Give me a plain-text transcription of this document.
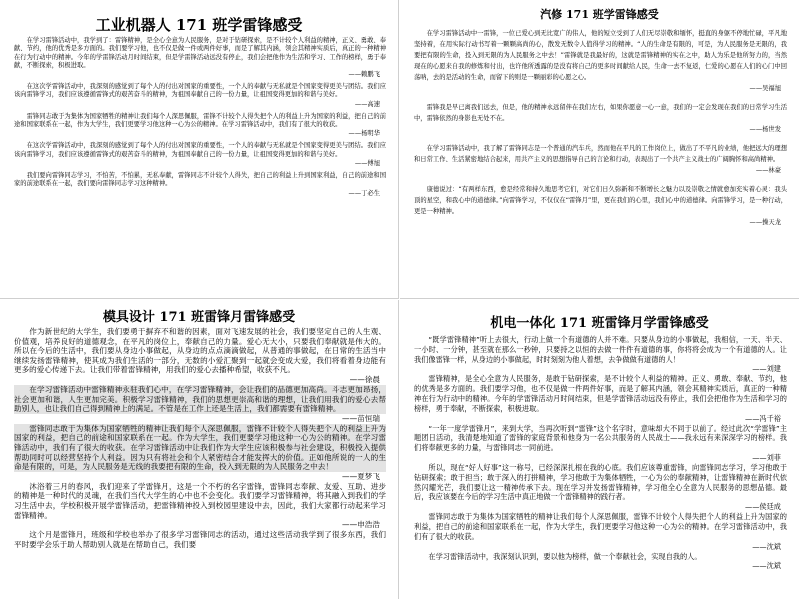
工业机器人 171 班学雷锋感受

在学习雷锋活动中，我学到了：雷锋精神，是全心全意为人民服务，是对于钻研探索，是不计较个人利益的精神，正义、勇敢、奉献、节约，他的优秀是多方面的。我们要学习他，也不仅是做一件或两件好事，而是了解其内涵，领会其精神实质后，真正的一种精神在行为行动中的精神。今年的学雷锋活动月时间结束，但是学雷锋活动远没有停止，我们会把他作为生活和学习、工作的榜样，勇于奉献，不断探索，积极进取。

——赖鹏飞

在这次学雷锋活动中，我深刻的感觉到了每个人的付出对国家的重要性，一个人的奉献与无私就是个国家变得更美与团结。我们应该向雷锋学习，我们应该遵循雷锋式的艰苦奋斗的精神，为祖国奉献自己的一份力量，让祖国变得更加的和谐与美好。

——高速

雷锋同志敢于为集体为国家牺牲的精神让我们每个人深思佩服，雷锋不计较个人得失把个人的利益上升为国家的利益，把自己的前途和国家联系在一起，作为大学生，我们更要学习他这种一心为公的精神。在学习雷锋活动中，我们有了很大的收获。

——杨明华

在这次学雷锋活动中，我深刻的感觉到了每个人的付出对国家的重要性，一个人的奉献与无私就是个国家变得更美与团结。我们应该向雷锋学习，我们应该遵循雷锋式的艰苦奋斗的精神，为祖国奉献自己的一份力量，让祖国变得更加的和谐与美好。

——傅旭

我们要向雷锋同志学习，不怕苦，不怕累，无私奉献，雷锋同志不计较个人得失，把自己的利益上升到国家利益，自己的前途和国家的前途联系在一起，我们要向雷锋同志学习这种精神。

——丁必生

汽修 171 班学雷锋感受

在学习雷锋活动中一雷锋，一位已爱心到无比宽广的伟人，他的短立受到了人们无尽崇敬和缅怀，挺直的身躯不停地忙碌，平凡地坚持着，在用实际行动书写着一颗颗高尚的心，散发无数令人值得学习的精神。“人的生命是有限的，可是，为人民服务是无限的，我要把有限的生命，投入到无限的为人民服务之中去！”雷锋就是我最好的，这就是雷锋精神的实在之中，助人为乐是他所努力的，当然现在的心愿来自我的修炼和付出，也许他所透露的是没有将自己的更多时间献给人民，生命一去不复返，仁爱的心愿在人们的心门中回荡呐，去的是活动的生命，而留下的则是一颗丽彩的心愿之心。

——吴福旭

雷锋我是早已离我们远去，但是，他的精神永远留伴在我们左右，如果你愿意一心一意，我们的一定会发现在我们的日常学习生活中，雷锋依然的身影也无处不在。

——杨世发

在学习雷锋活动中，我了解了雷锋同志是一个普通的汽车兵，然而他在平凡的工作岗位上，做出了不平凡的业绩，他把远大的理想和日常工作、生活紧密地结合起来，用共产主义的思想指导自己的言论和行动，表现出了一个共产主义战士的广阔胸怀和高尚精神。

——林豪

康德说过：“有两样东西，愈是经常和持久地思考它们，对它们日久弥新和不断增长之魅力以及崇敬之情就愈加充实着心灵：我头顶的星空，和我心中的道德律。”向雷锋学习，不仅仅在“雷锋月”里，更在我们的心里，我们心中的道德律。向雷锋学习，是一种行动，更是一种精神。

——操天龙

模具设计 171 班雷锋月雷锋感受

作为新世纪的大学生，我们要勇于摒弃不和谐的因素，面对飞速发展的社会，我们要坚定自己的人生观、价值观，培养良好的道德观念，在平凡的岗位上，奉献自己的力量。爱心无大小，只要我们奉献就是伟大的。所以在今后的生活中，我们要从身边小事做起，从身边的点点滴滴做起，从普通的事做起，在日常的生活当中继续发扬雷锋精神，使其成为我们生活的一部分，无数的小爱汇聚到一起就会变成大爱，我们将看着身边能有更多的爱心传递下去。让我们带着雷锋精神，用我们的爱心去播种希望，收获不凡。

——徐晨

在学习雷锋活动中雷锋精神永驻我们心中，在学习雷锋精神，会让我们的品德更加高尚。斗志更加昂扬，社会更加和谐，人生更加完美。积极学习雷锋精神，我们的思想更崇高和谐的理想，让我们用我们的爱心去帮助别人，也让我们自己得到精神上的满足。不管是在工作上还是生活上，我们都需要有雷锋精神。

——苗恒瑞

雷锋同志敢于为集体为国家牺牲的精神让我们每个人深思佩服，雷锋不计较个人得失把个人的利益上升为国家的利益，把自己的前途和国家联系在一起。作为大学生，我们更要学习他这种一心为公的精神。在学习雷锋活动中，我们有了很大的收获。在学习雷锋活动中让我们作为大学生应该积极参与社会建设，积极投入提供帮助同时可以经营坚持个人利益。因为只有将社会和个人紧密结合才能发挥大的价值。正如他所说的一人的生命是有限的，可是，为人民服务是无线的我要把有限的生命，投入到无限的为人民服务之中去！

——夏梦飞

沐浴着三月的春风，我们迎来了学雷锋月，这是一个不朽的名字雷锋，雷锋同志奉献、友爱、互助、进步的精神是一种时代的灵魂，在我们当代大学生的心中也不会变化。我们要学习雷锋精神，将其融入到我们的学习生活中去，学校积极开展学雷锋活动，把雷锋精神投入到校园里建设中去，因此，我们大家都行动起来学习雷锋精神。

——申浩浩

这个月是雷锋月，班级和学校也举办了很多学习雷锋同志的活动，通过这些活动我学到了很多东西，我们平时要学会乐于助人帮助别人就是在帮助自己，我们要

机电一体化 171 班雷锋月学雷锋感受

“既学雷锋精神”听上去很大，行动上做一个有道德的人并不难。只要从身边的小事做起，我相信，一天、半天、一小时、一分钟，甚至就在那么一秒钟，只要持之以恒的去做一件件有道德的事，你将将会成为一个有道德的人。让我们像雷锋一样，从身边的小事做起，时时刻刻为他人着想，去争做做有道德的人！

——刘建

雷锋精神，是全心全意为人民服务，是敢于钻研探索，是不计较个人利益的精神。正义、勇敢、奉献、节约，他的优秀是多方面的。我们要学习他，也不仅是做一件两件好事，而是了解其内涵，领会其精神实质后，真正的一种精神在行为行动中的精神。今年的学雷锋活动月时间结束，但是学雷锋活动远没有停止，我们会把他作为生活和学习的榜样，勇于奉献，不断探索，积极进取。

——冯千裕

“一年一度学雷锋月”，来到大学，当再次听到“雷锋”这个名字时，意味却大不同于以前了。经过此次“学雷锋”主题团日活动，我清楚地知道了雷锋的家庭背景和他身为一名公共服务的人民战士——我永远有来深深学习的榜样。我们将奉献更多的力量，与雷锋同志一同前进。

——刘菲

所以，现在“好人好事”这一称号，已经深深扎根在我的心底。我们应该尊重雷锋，向雷锋同志学习，学习他敢于钻研探索；敢于担当；敢于深入的打拼精神，学习他敢于为集体牺牲，一心为公的奉献精神，让雷锋精神在新时代依然闪耀光芒，我们要让这一精神传承下去。现在学习并发扬雷锋精神，学习他全心全意为人民服务的思想品德。最后，我应该要在今后的学习生活中真正地做一个雷锋精神的践行者。

——侯廷成

雷锋同志敢于为集体为国家牺牲的精神让我们每个人深思佩服，雷锋不计较个人得失把个人的利益上升为国家的利益，把自己的前途和国家联系在一起，作为大学生，我们更要学习他这种一心为公的精神。在学习雷锋活动中，我们有了很大的收获。

——沈斌

在学习雷锋活动中，我深刻认识到，要以他为榜样，做一个奉献社会，实现自我的人。

——沈斌
